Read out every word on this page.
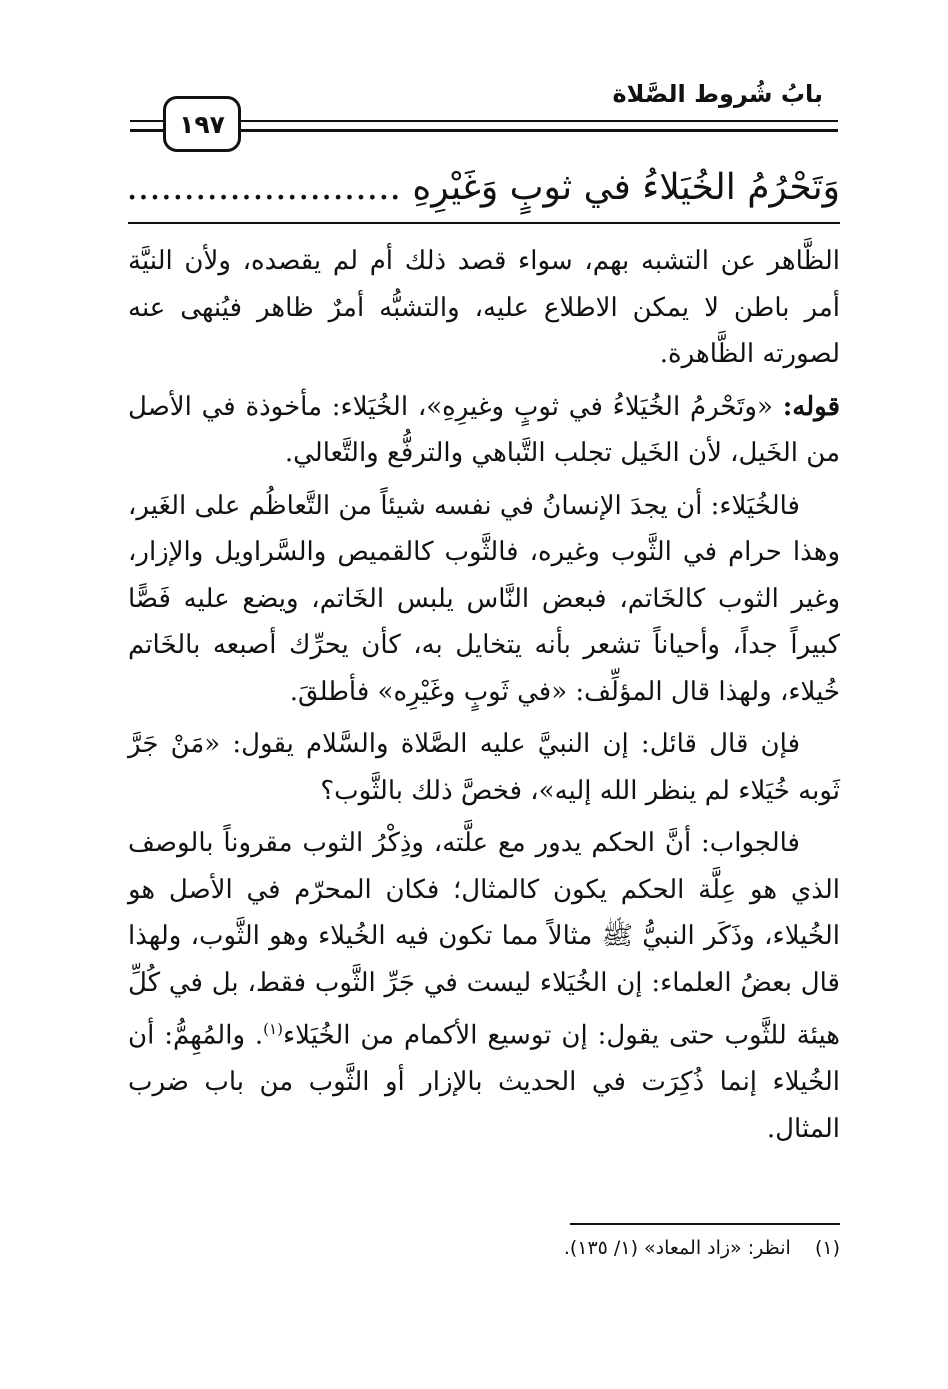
بابُ شُروط الصَّلاة
١٩٧
وَتَحْرُمُ الخُيَلاءُ في ثوبٍ وَغَيْرِهِ ........................

الظَّاهر عن التشبه بهم، سواء قصد ذلك أم لم يقصده، ولأن النيَّة أمر باطن لا يمكن الاطلاع عليه، والتشبُّه أمرٌ ظاهر فيُنهى عنه لصورته الظَّاهرة.

قوله: «وتَحْرمُ الخُيَلاءُ في ثوبٍ وغيرِهِ»، الخُيَلاء: مأخوذة في الأصل من الخَيل، لأن الخَيل تجلب التَّباهي والترفُّع والتَّعالي.

فالخُيَلاء: أن يجدَ الإنسانُ في نفسه شيئاً من التَّعاظُم على الغَير، وهذا حرام في الثَّوب وغيره، فالثَّوب كالقميص والسَّراويل والإزار، وغير الثوب كالخَاتم، فبعض النَّاس يلبس الخَاتم، ويضع عليه فَصًّا كبيراً جداً، وأحياناً تشعر بأنه يتخايل به، كأن يحرِّك أصبعه بالخَاتم خُيلاء، ولهذا قال المؤلِّف: «في ثَوبٍ وغَيْرِه» فأطلقَ.

فإن قال قائل: إن النبيَّ عليه الصَّلاة والسَّلام يقول: «مَنْ جَرَّ ثَوبه خُيَلاء لم ينظر الله إليه»، فخصَّ ذلك بالثَّوب؟

فالجواب: أنَّ الحكم يدور مع علَّته، وذِكْرُ الثوب مقروناً بالوصف الذي هو عِلَّة الحكم يكون كالمثال؛ فكان المحرّم في الأصل هو الخُيلاء، وذَكَر النبيُّ ﷺ مثالاً مما تكون فيه الخُيلاء وهو الثَّوب، ولهذا قال بعضُ العلماء: إن الخُيَلاء ليست في جَرِّ الثَّوب فقط، بل في كُلِّ هيئة للثَّوب حتى يقول: إن توسيع الأكمام من الخُيَلاء$^{(١)}$. والمُهِمُّ: أن الخُيلاء إنما ذُكِرَت في الحديث بالإزار أو الثَّوب من باب ضرب المثال.

(١)    انظر: «زاد المعاد» (١/ ١٣٥).
